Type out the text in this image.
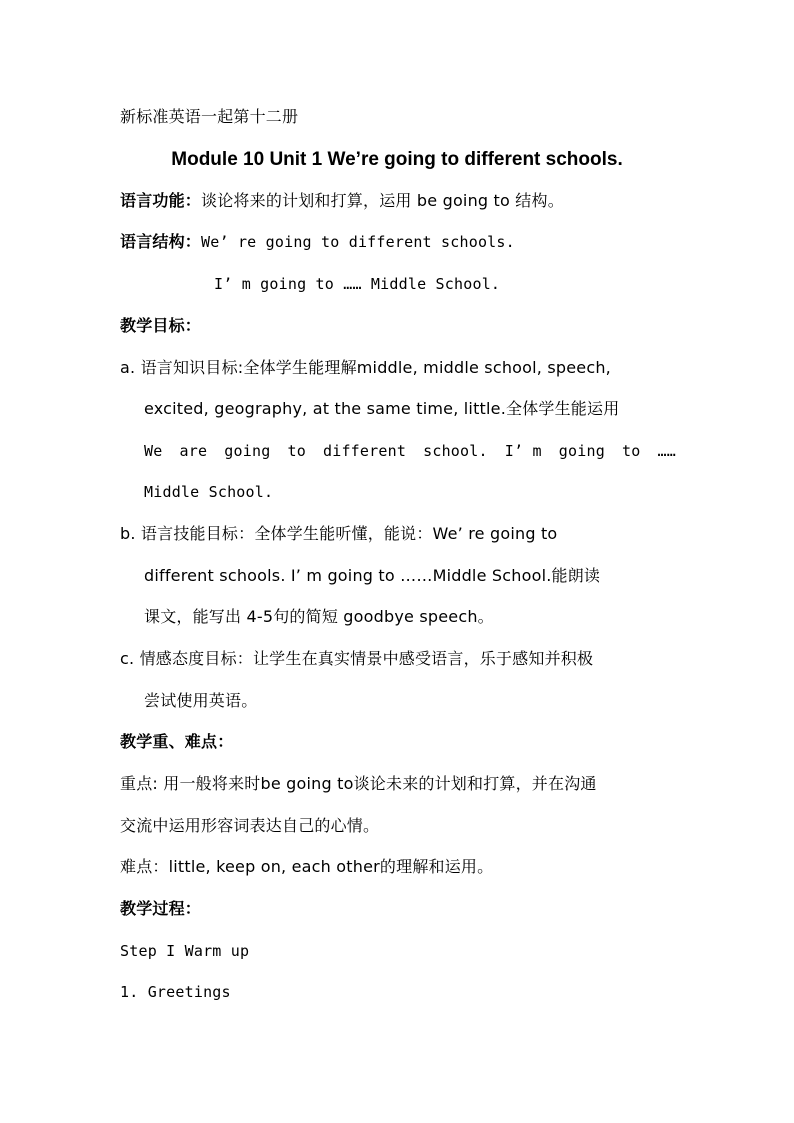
新标准英语一起第十二册
Module 10 Unit 1 We’re going to different schools.
语言功能：谈论将来的计划和打算，运用 be going to 结构。
语言结构：We’ re going to different schools.
I’ m going to …… Middle School.
教学目标：
a. 语言知识目标:全体学生能理解middle, middle school, speech,
excited, geography, at the same time, little.全体学生能运用
We are going to different school. I’ m going to ……
Middle School.
b. 语言技能目标：全体学生能听懂，能说：We’ re going to
different schools. I’ m going to ……Middle School.能朗读
课文，能写出 4-5句的简短 goodbye speech。
c. 情感态度目标：让学生在真实情景中感受语言，乐于感知并积极
尝试使用英语。
教学重、难点：
重点: 用一般将来时be going to谈论未来的计划和打算，并在沟通
交流中运用形容词表达自己的心情。
难点：little, keep on, each other的理解和运用。
教学过程：
Step I Warm up
1. Greetings
